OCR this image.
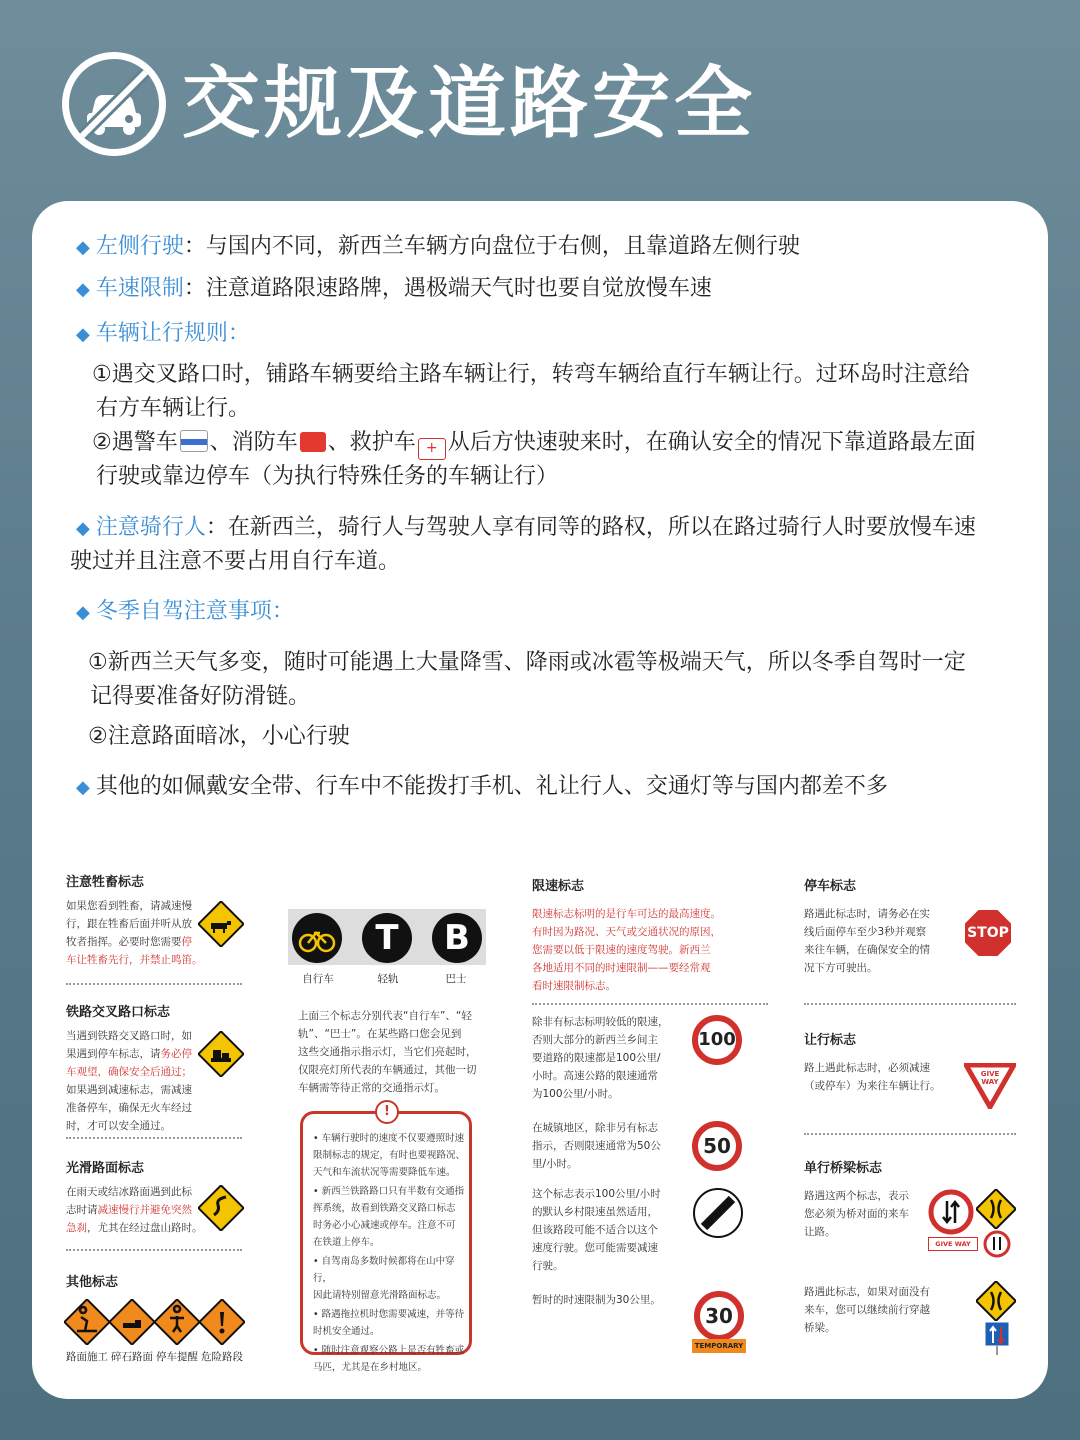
交规及道路安全
◆ 左侧行驶：与国内不同，新西兰车辆方向盘位于右侧，且靠道路左侧行驶
◆ 车速限制：注意道路限速路牌，遇极端天气时也要自觉放慢车速
◆ 车辆让行规则：
①遇交叉路口时，铺路车辆要给主路车辆让行，转弯车辆给直行车辆让行。过环岛时注意给
右方车辆让行。
②遇警车 、消防车 、救护车 + 从后方快速驶来时，在确认安全的情况下靠道路最左面
行驶或靠边停车（为执行特殊任务的车辆让行）
◆ 注意骑行人：在新西兰，骑行人与驾驶人享有同等的路权，所以在路过骑行人时要放慢车速
驶过并且注意不要占用自行车道。
◆ 冬季自驾注意事项：
①新西兰天气多变，随时可能遇上大量降雪、降雨或冰雹等极端天气，所以冬季自驾时一定
记得要准备好防滑链。
②注意路面暗冰，小心行驶
◆ 其他的如佩戴安全带、行车中不能拨打手机、礼让行人、交通灯等与国内都差不多
注意牲畜标志
如果您看到牲畜，请减速慢
行，跟在牲畜后面并听从放
牧者指挥。必要时您需要停
车让牲畜先行，并禁止鸣笛。
铁路交叉路口标志
当遇到铁路交叉路口时，如
果遇到停车标志，请务必停
车观望，确保安全后通过；
如果遇到减速标志，需减速
准备停车，确保无火车经过
时，才可以安全通过。
光滑路面标志
在雨天或结冰路面遇到此标
志时请减速慢行并避免突然
急刹，尤其在经过盘山路时。
其他标志
路面施工 碎石路面 停车提醒 危险路段
T	B
自行车	轻轨	巴士
上面三个标志分别代表“自行车”、“轻
轨”、“巴士”。在某些路口您会见到
这些交通指示指示灯，当它们亮起时，
仅限亮灯所代表的车辆通过，其他一切
车辆需等待正常的交通指示灯。
!
• 车辆行驶时的速度不仅要遵照时速
限制标志的规定，有时也要视路况、
天气和车流状况等需要降低车速。
• 新西兰铁路路口只有半数有交通指
挥系统，故看到铁路交叉路口标志
时务必小心减速或停车。注意不可
在铁道上停车。
• 自驾南岛多数时候都将在山中穿行，
因此请特别留意光滑路面标志。
• 路遇拖拉机时您需要减速，并等待
时机安全通过。
• 随时注意观察公路上是否有牲畜或
马匹，尤其是在乡村地区。
限速标志
限速标志标明的是行车可达的最高速度。
有时因为路况、天气或交通状况的原因，
您需要以低于限速的速度驾驶。新西兰
各地适用不同的时速限制——要经常观
看时速限制标志。
除非有标志标明较低的限速，
否则大部分的新西兰乡间主
要道路的限速都是100公里/
小时。高速公路的限速通常
为100公里/小时。
100
在城镇地区，除非另有标志
指示，否则限速通常为50公
里/小时。
50
这个标志表示100公里/小时
的默认乡村限速虽然适用，
但该路段可能不适合以这个
速度行驶。您可能需要减速
行驶。
暂时的时速限制为30公里。
30
TEMPORARY
停车标志
路遇此标志时，请务必在实
线后面停车至少3秒并观察
来往车辆，在确保安全的情
况下方可驶出。
STOP
让行标志
路上遇此标志时，必须减速
（或停车）为来往车辆让行。
GIVE
WAY
单行桥梁标志
路遇这两个标志，表示
您必须为桥对面的来车
让路。
GIVE WAY
路遇此标志，如果对面没有
来车，您可以继续前行穿越
桥梁。
